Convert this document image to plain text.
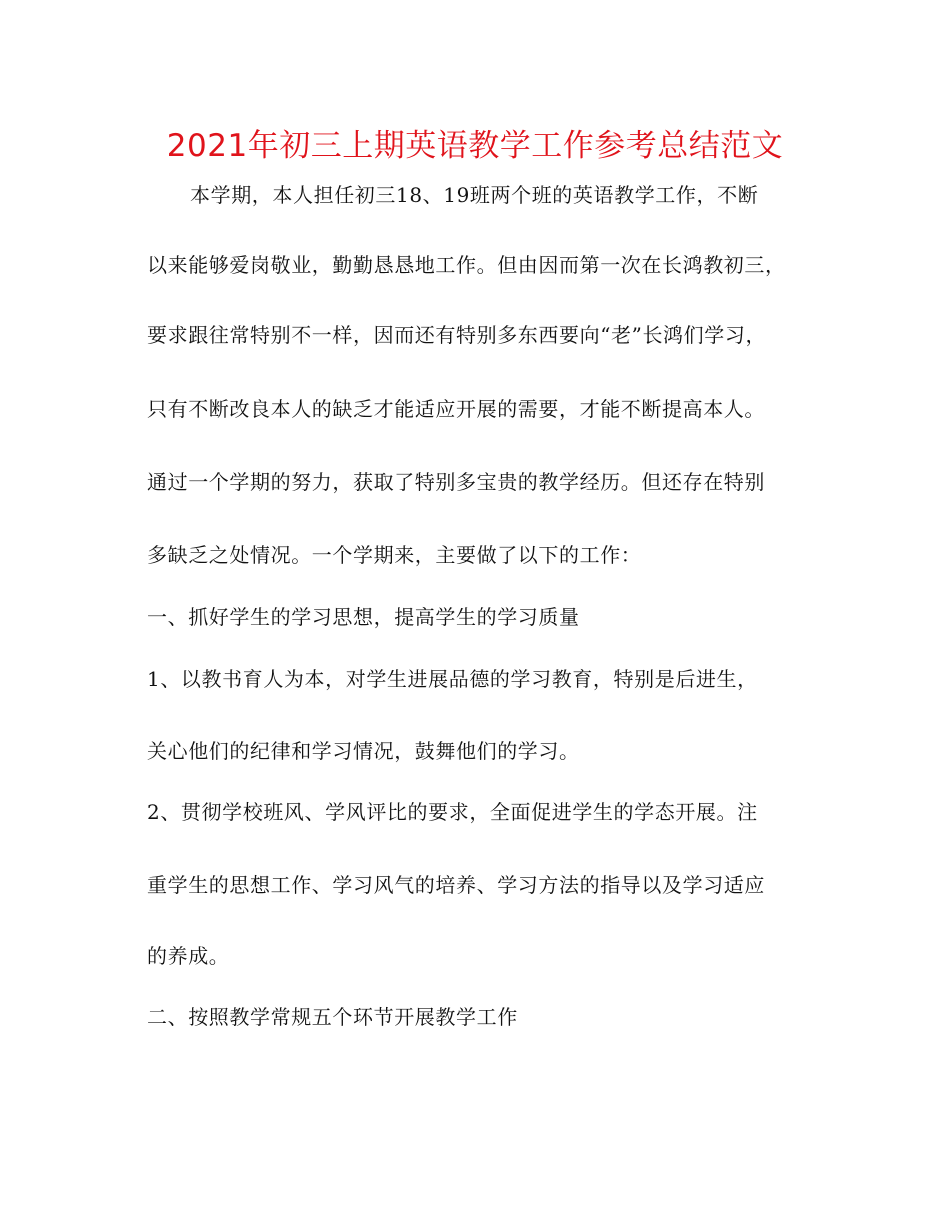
2021年初三上期英语教学工作参考总结范文
本学期，本人担任初三18、19班两个班的英语教学工作，不断
以来能够爱岗敬业，勤勤恳恳地工作。但由因而第一次在长鸿教初三，
要求跟往常特别不一样，因而还有特别多东西要向“老”长鸿们学习，
只有不断改良本人的缺乏才能适应开展的需要，才能不断提高本人。
通过一个学期的努力，获取了特别多宝贵的教学经历。但还存在特别
多缺乏之处情况。一个学期来，主要做了以下的工作：
一、抓好学生的学习思想，提高学生的学习质量
1、以教书育人为本，对学生进展品德的学习教育，特别是后进生，
关心他们的纪律和学习情况，鼓舞他们的学习。
2、贯彻学校班风、学风评比的要求，全面促进学生的学态开展。注
重学生的思想工作、学习风气的培养、学习方法的指导以及学习适应
的养成。
二、按照教学常规五个环节开展教学工作
